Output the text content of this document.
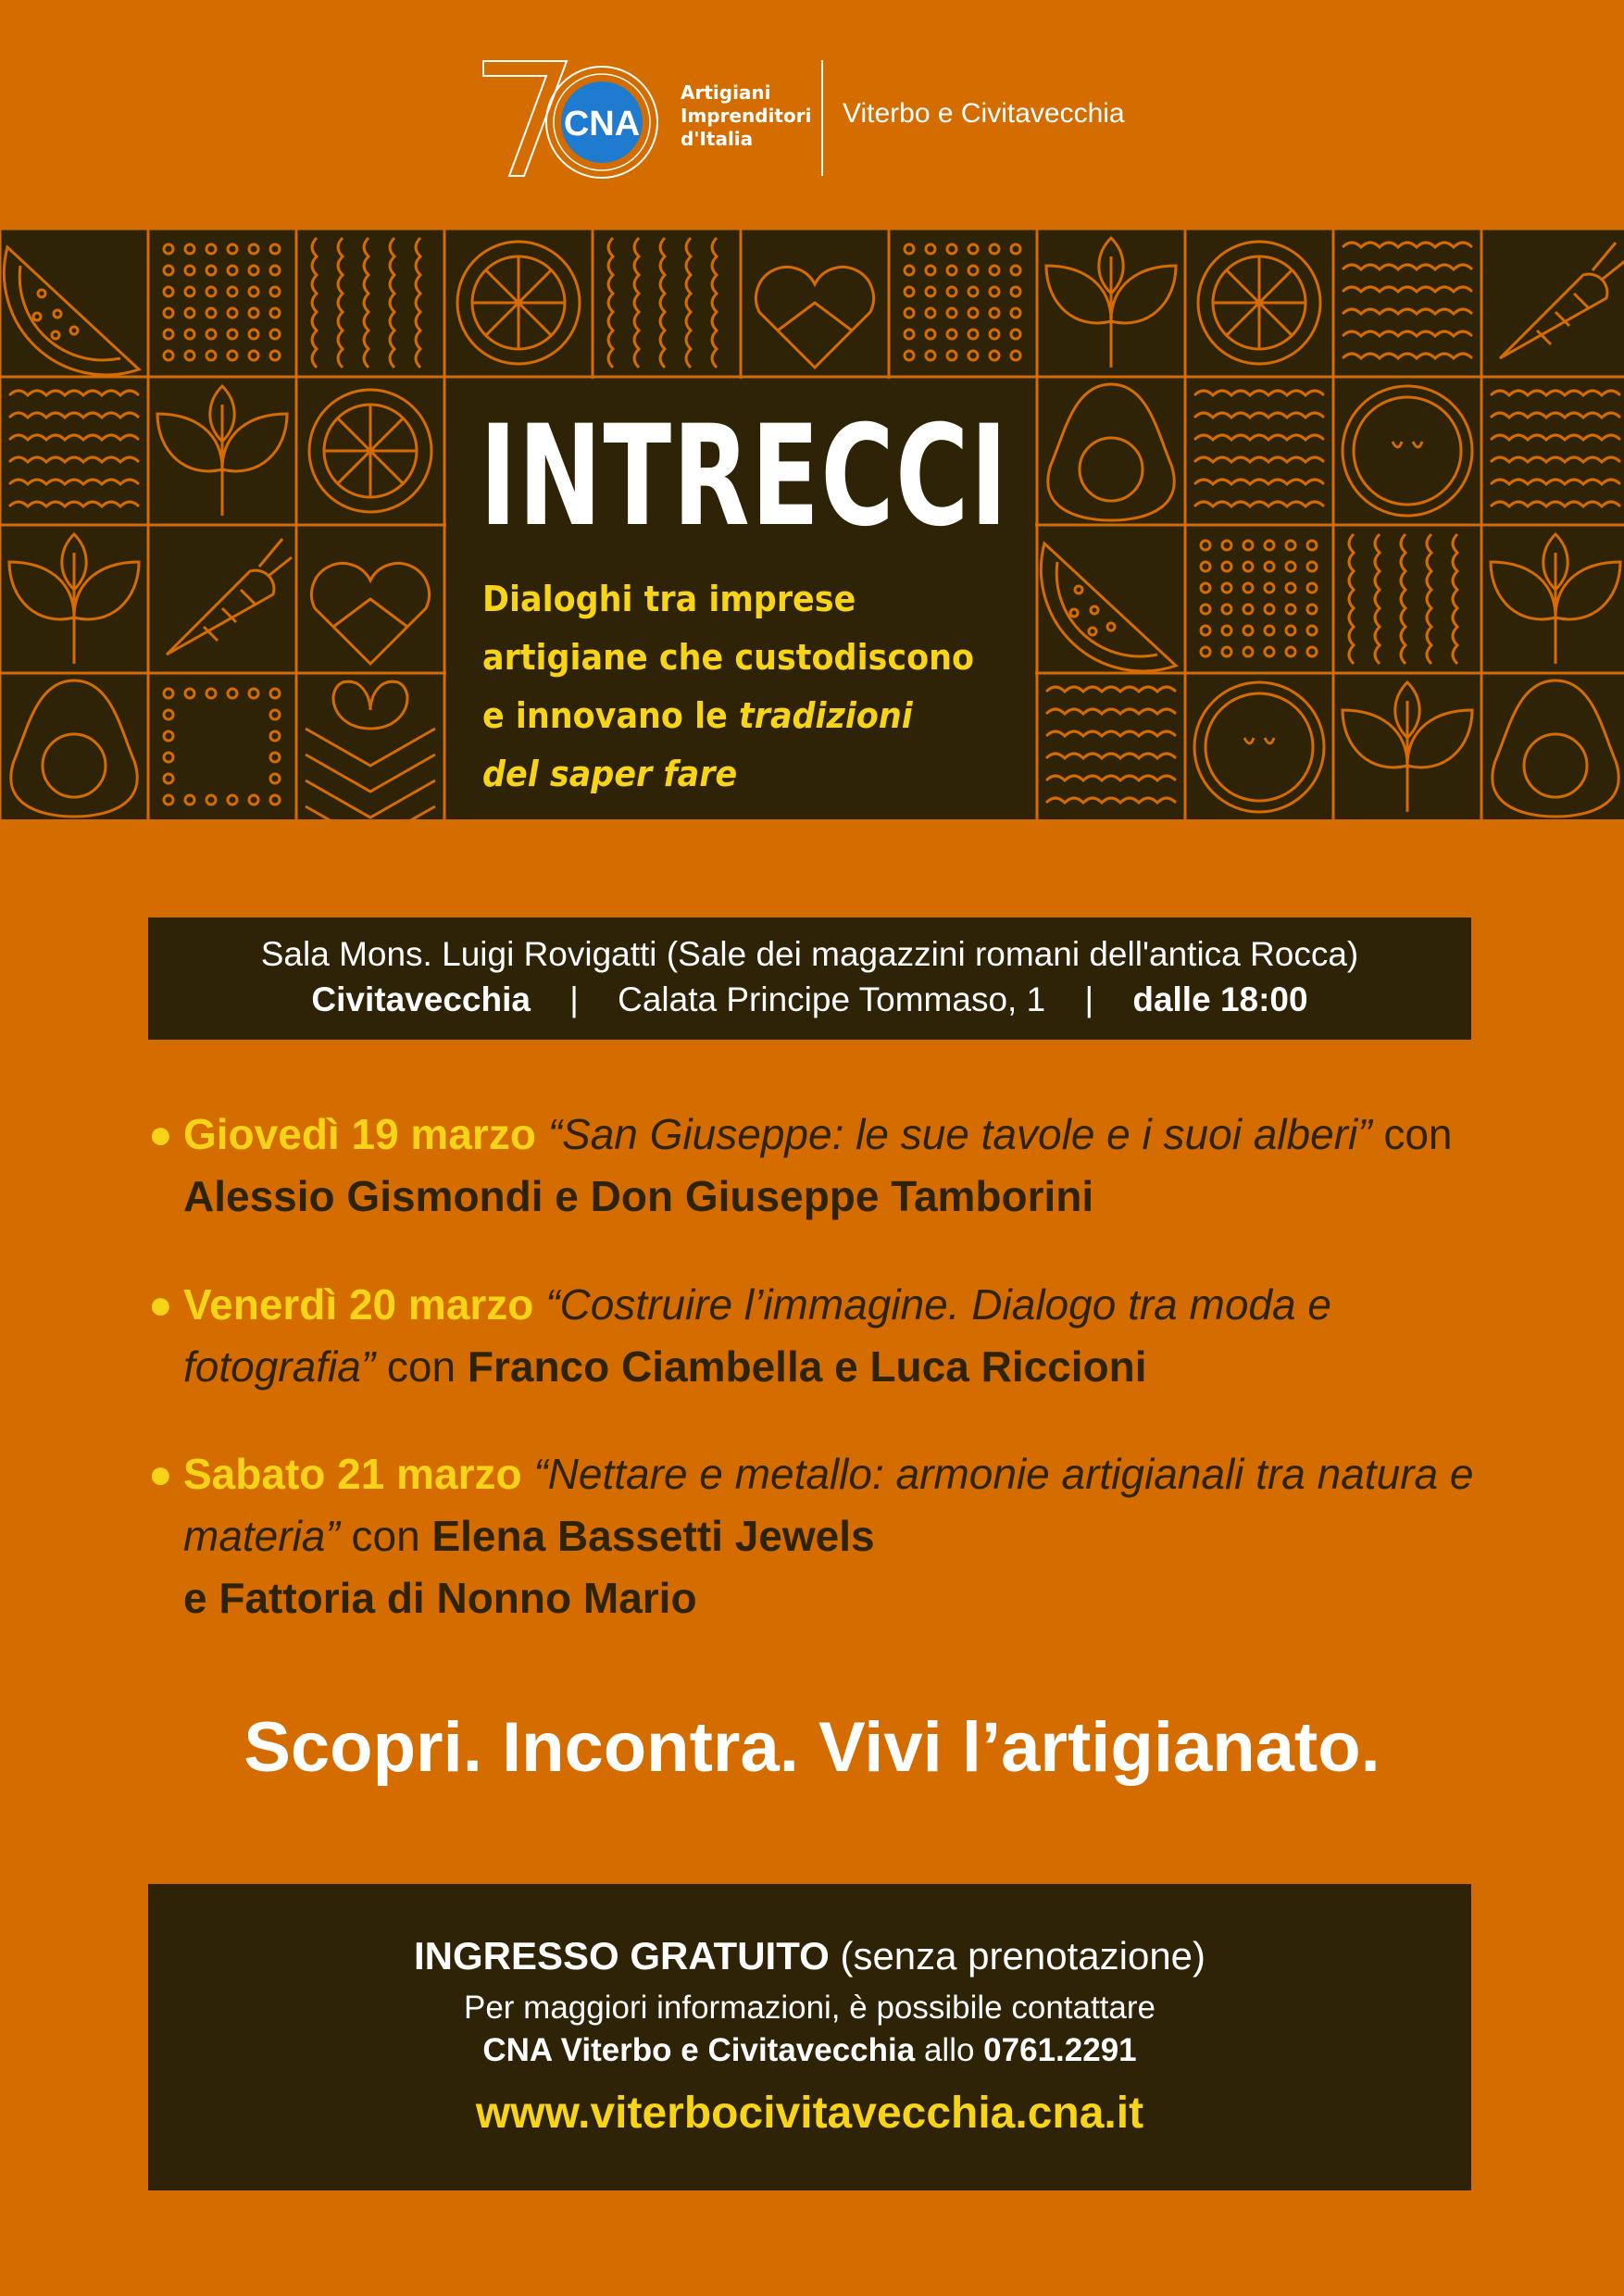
CNA
Artigiani
Imprenditori
d'Italia
Viterbo e Civitavecchia
INTRECCI

Dialoghi tra imprese
artigiane che custodiscono
e innovano le tradizioni
del saper fare

Sala Mons. Luigi Rovigatti (Sale dei magazzini romani dell'antica Rocca)
Civitavecchia | Calata Principe Tommaso, 1 | dalle 18:00
● Giovedì 19 marzo “San Giuseppe: le sue tavole e i suoi alberi” con Alessio Gismondi e Don Giuseppe Tamborini
● Venerdì 20 marzo “Costruire l’immagine. Dialogo tra moda e fotografia” con Franco Ciambella e Luca Riccioni
● Sabato 21 marzo “Nettare e metallo: armonie artigianali tra natura e materia” con Elena Bassetti Jewels
e Fattoria di Nonno Mario
Scopri. Incontra. Vivi l’artigianato.
INGRESSO GRATUITO (senza prenotazione)
Per maggiori informazioni, è possibile contattare
CNA Viterbo e Civitavecchia allo 0761.2291
www.viterbocivitavecchia.cna.it
